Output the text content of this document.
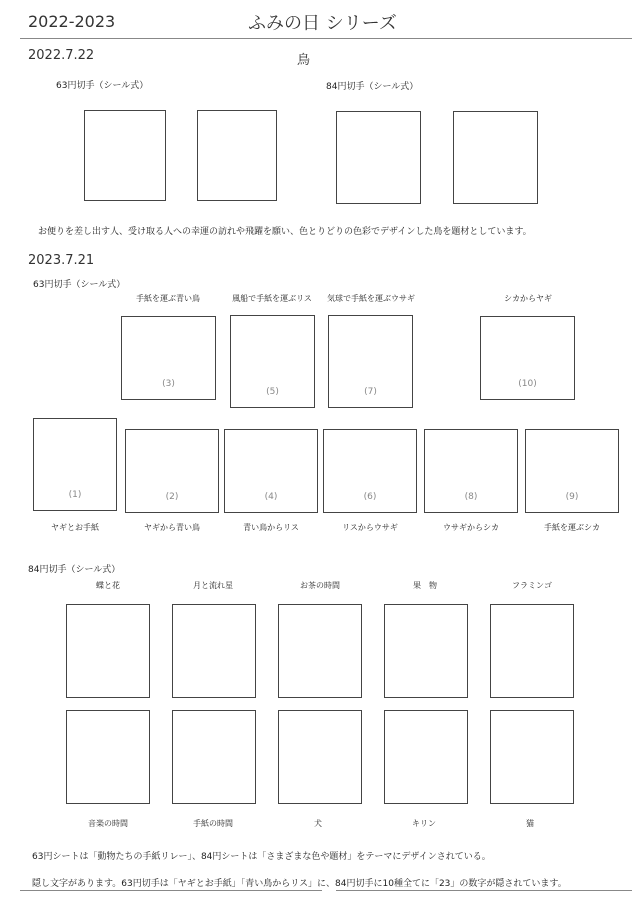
2022-2023	ふみの日 シリーズ
2022.7.22	鳥
63円切手（シール式）	84円切手（シール式）
お便りを差し出す人、受け取る人への幸運の訪れや飛躍を願い、色とりどりの色彩でデザインした鳥を題材としています。
2023.7.21
63円切手（シール式）
手紙を運ぶ青い鳥	風船で手紙を運ぶリス	気球で手紙を運ぶウサギ	シカからヤギ
(3)
(5)	(7)
(10)
(1)	(2)	(4)	(6)	(8)	(9)
ヤギとお手紙	ヤギから青い鳥	青い鳥からリス	リスからウサギ	ウサギからシカ	手紙を運ぶシカ
84円切手（シール式）
蝶と花	月と流れ星	お茶の時間	果　物	フラミンゴ
音楽の時間	手紙の時間	犬	キリン	猫
63円シートは「動物たちの手紙リレー」、84円シートは「さまざまな色や題材」をテーマにデザインされている。
隠し文字があります。63円切手は「ヤギとお手紙」「青い鳥からリス」に、84円切手に10種全てに「23」の数字が隠されています。
